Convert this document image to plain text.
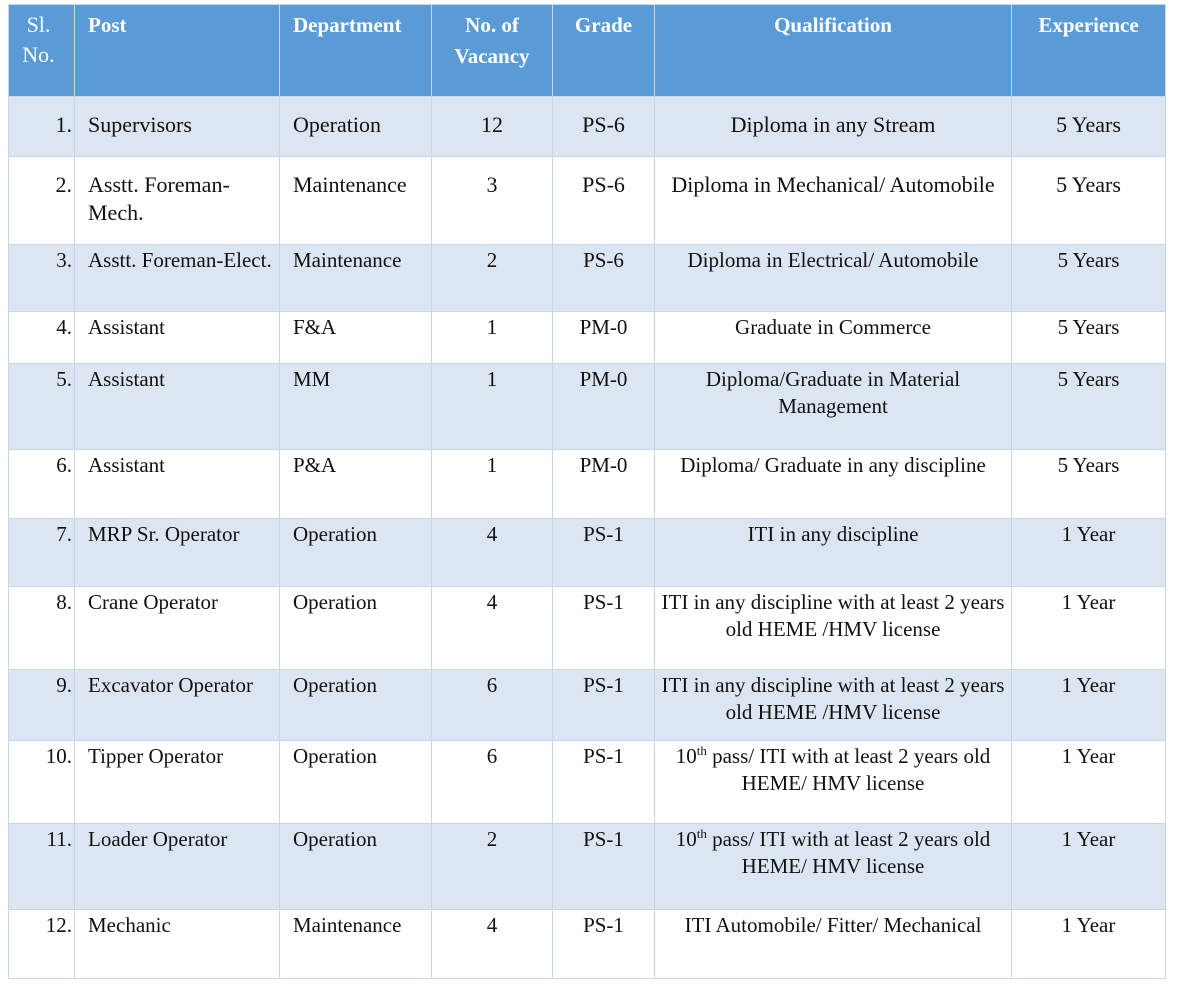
Sl. No.	Post	Department	No. of Vacancy	Grade	Qualification	Experience
1.	Supervisors	Operation	12	PS-6	Diploma in any Stream	5 Years
2.	Asstt. Foreman-Mech.	Maintenance	3	PS-6	Diploma in Mechanical/ Automobile	5 Years
3.	Asstt. Foreman-Elect.	Maintenance	2	PS-6	Diploma in Electrical/ Automobile	5 Years
4.	Assistant	F&A	1	PM-0	Graduate in Commerce	5 Years
5.	Assistant	MM	1	PM-0	Diploma/Graduate in Material Management	5 Years
6.	Assistant	P&A	1	PM-0	Diploma/ Graduate in any discipline	5 Years
7.	MRP Sr. Operator	Operation	4	PS-1	ITI in any discipline	1 Year
8.	Crane Operator	Operation	4	PS-1	ITI in any discipline with at least 2 years old HEME /HMV license	1 Year
9.	Excavator Operator	Operation	6	PS-1	ITI in any discipline with at least 2 years old HEME /HMV license	1 Year
10.	Tipper Operator	Operation	6	PS-1	10th pass/ ITI with at least 2 years old HEME/ HMV license	1 Year
11.	Loader Operator	Operation	2	PS-1	10th pass/ ITI with at least 2 years old HEME/ HMV license	1 Year
12.	Mechanic	Maintenance	4	PS-1	ITI Automobile/ Fitter/ Mechanical	1 Year
